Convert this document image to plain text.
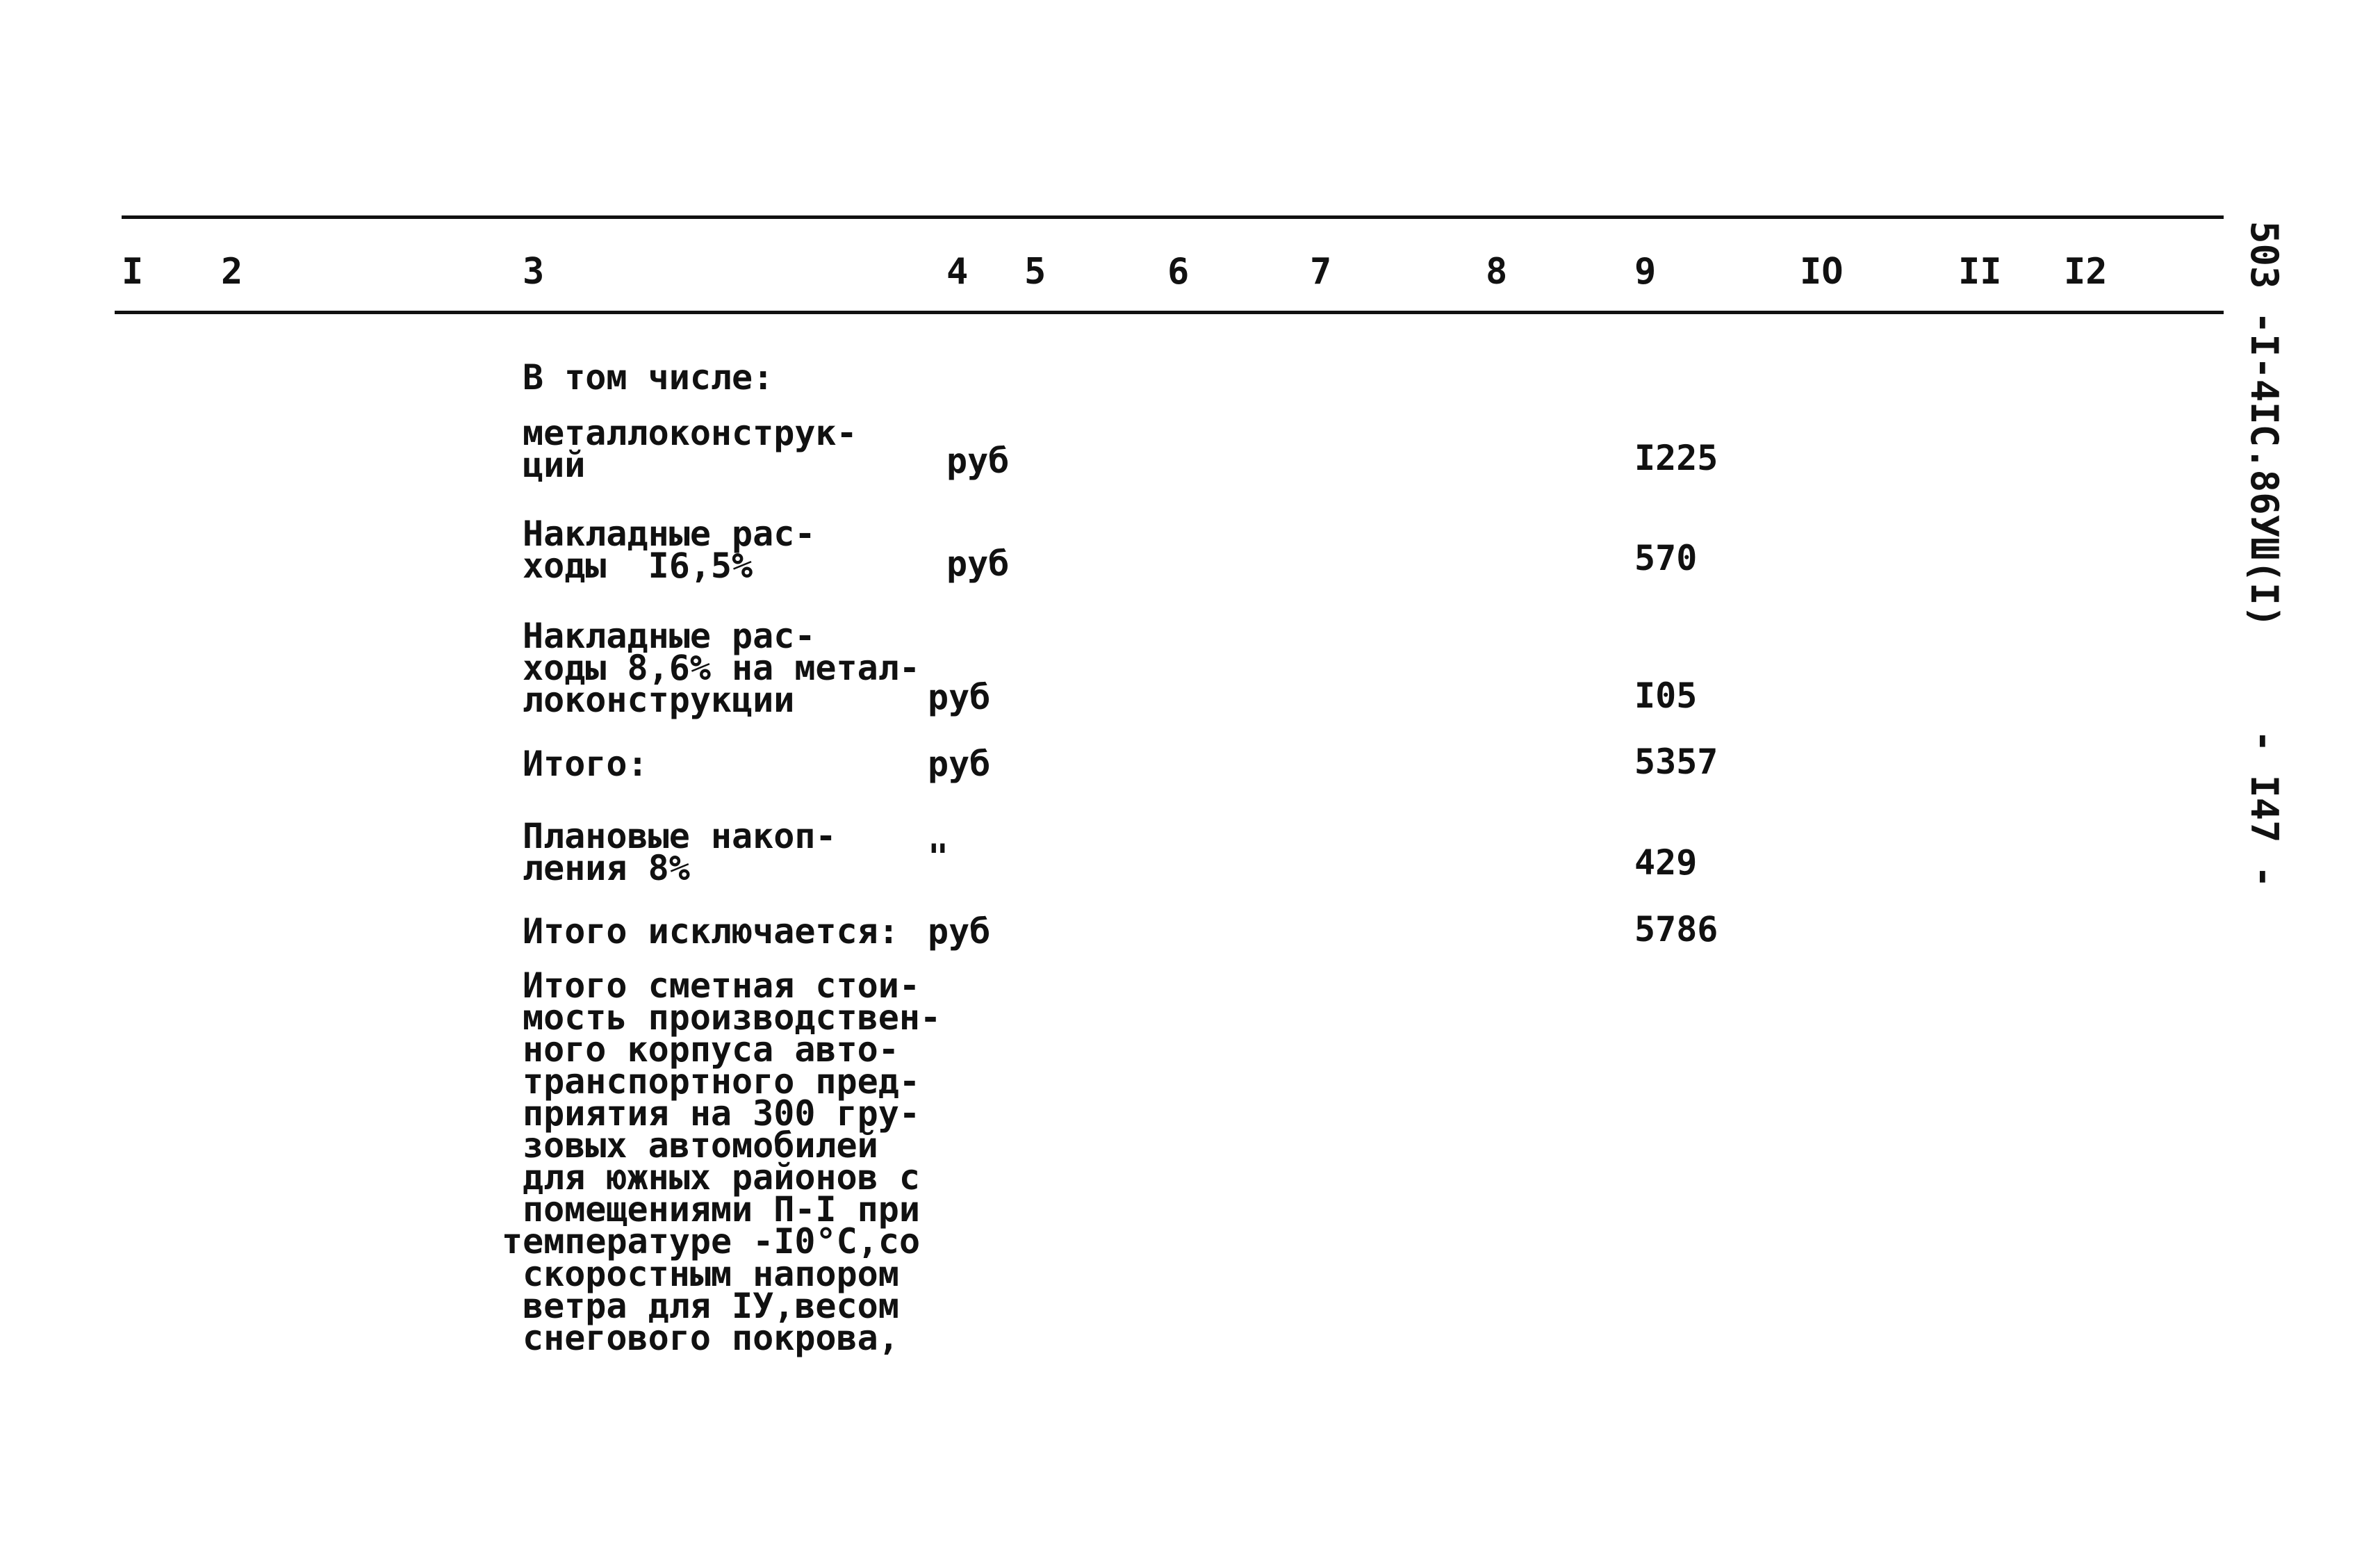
I 2	3	4 5	6	7	8	9	IO	II I2
В том числе:
металлоконструк-
ций	руб	I225
Накладные рас-
ходы  I6,5%	руб	570
Накладные рас-
ходы 8,6% на метал-
локонструкции	руб	I05
Итого:	руб	5357
Плановые накоп-
ления 8%	"	429
Итого исключается: руб	5786
Итого сметная стои-
мость производствен-
ного корпуса авто-
транспортного пред-
приятия на 300 гру-
зовых автомобилей
для южных районов с
помещениями П-I при
температуре -I0°С,со
скоростным напором
ветра для IУ,весом
снегового покрова,
503 -I-4IC.86УШ(I)
- I47 -
